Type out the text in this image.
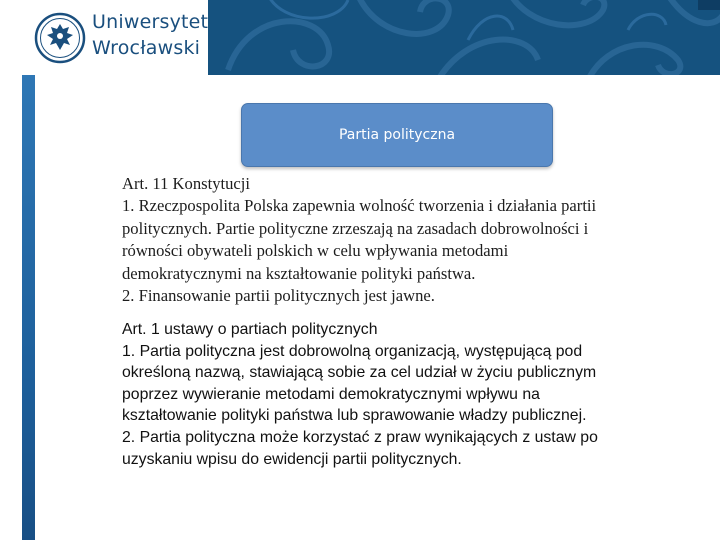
Uniwersytet
Wrocławski
Partia polityczna
Art. 11 Konstytucji
1. Rzeczpospolita Polska zapewnia wolność tworzenia i działania partii
politycznych. Partie polityczne zrzeszają na zasadach dobrowolności i
równości obywateli polskich w celu wpływania metodami
demokratycznymi na kształtowanie polityki państwa.
2. Finansowanie partii politycznych jest jawne.
Art. 1 ustawy o partiach politycznych
1. Partia polityczna jest dobrowolną organizacją, występującą pod
określoną nazwą, stawiającą sobie za cel udział w życiu publicznym
poprzez wywieranie metodami demokratycznymi wpływu na
kształtowanie polityki państwa lub sprawowanie władzy publicznej.
2. Partia polityczna może korzystać z praw wynikających z ustaw po
uzyskaniu wpisu do ewidencji partii politycznych.
